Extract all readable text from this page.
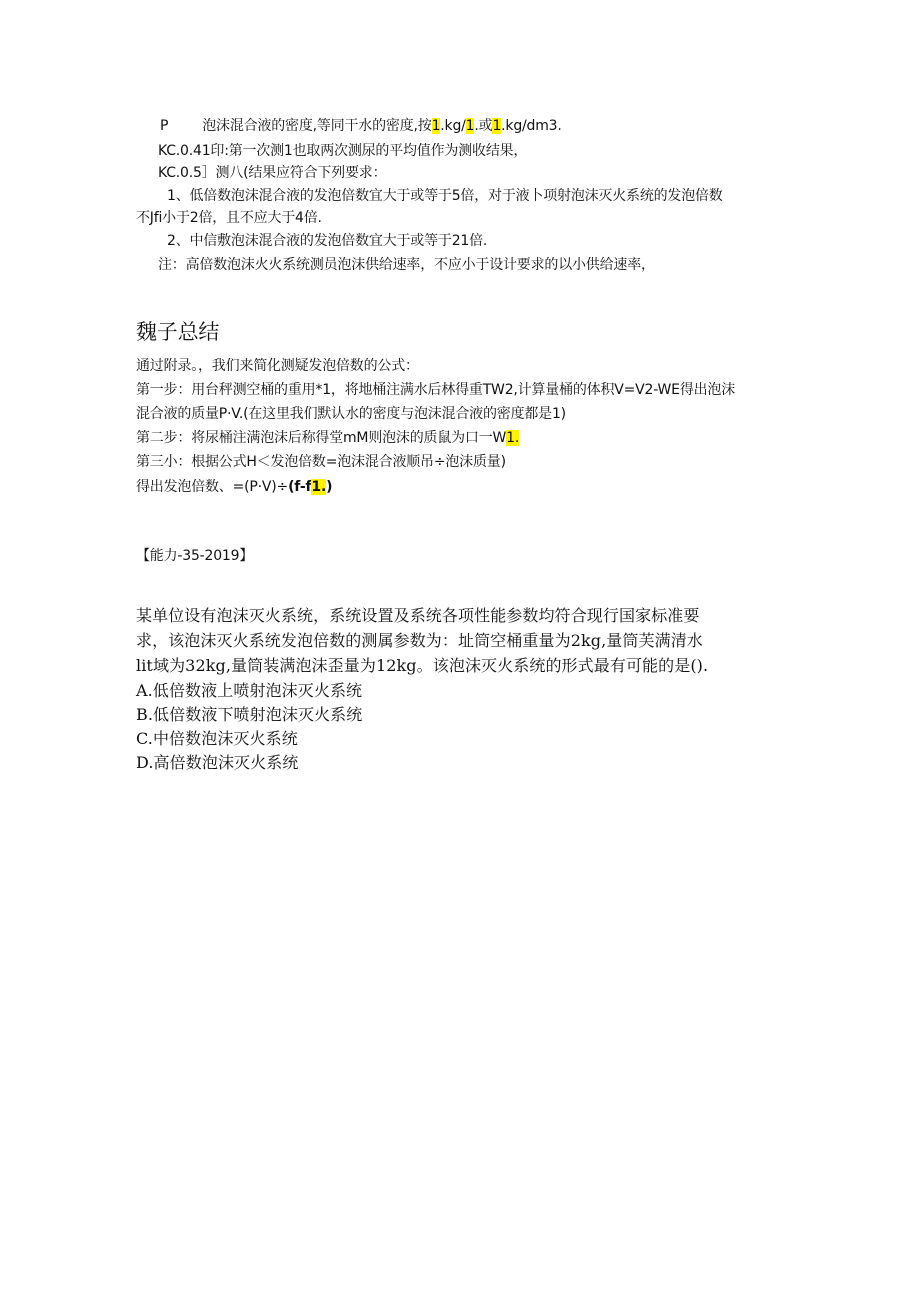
P 泡沫混合液的密度,等同干水的密度,按1.kg/1.或1.kg/dm3.
KC.0.41印:第一次测1也取两次测尿的平均值作为测收结果，
KC.0.5］测八(结果应符合下列要求：
1、低倍数泡沫混合液的发泡倍数宜大于或等于5倍，对于液卜项射泡沫灭火系统的发泡倍数
不Jfi小于2倍，且不应大于4倍.
2、中信敷泡沫混合液的发泡倍数宜大于或等于21倍.
注：高倍数泡沫火火系统测员泡沫供给速率，不应小于设计要求的以小供给速率，
魏子总结
通过附录。，我们来简化测疑发泡倍数的公式：
第一步：用台秤测空桶的重用*1，将地桶注满水后林得重TW2,计算量桶的体积V=V2-WE得出泡沫
混合液的质量P·V.(在这里我们默认水的密度与泡沫混合液的密度都是1)
第二步：将尿桶注满泡沫后称得堂mM则泡沫的质鼠为口一W1.
第三小：根据公式H＜发泡倍数=泡沫混合液顺吊÷泡沫质量)
得出发泡倍数、=(P·V)÷(f-f1.)
【能力-35-2019】
某单位设有泡沫灭火系统，系统设置及系统各项性能参数均符合现行国家标准要
求，该泡沫灭火系统发泡倍数的测属参数为：址筒空桶重量为2kg,量筒芙满清水
lit域为32kg,量筒装满泡沫歪量为12kg。该泡沫灭火系统的形式最有可能的是().
A.低倍数液上喷射泡沫灭火系统
B.低倍数液下喷射泡沫灭火系统
C.中倍数泡沫灭火系统
D.高倍数泡沫灭火系统
